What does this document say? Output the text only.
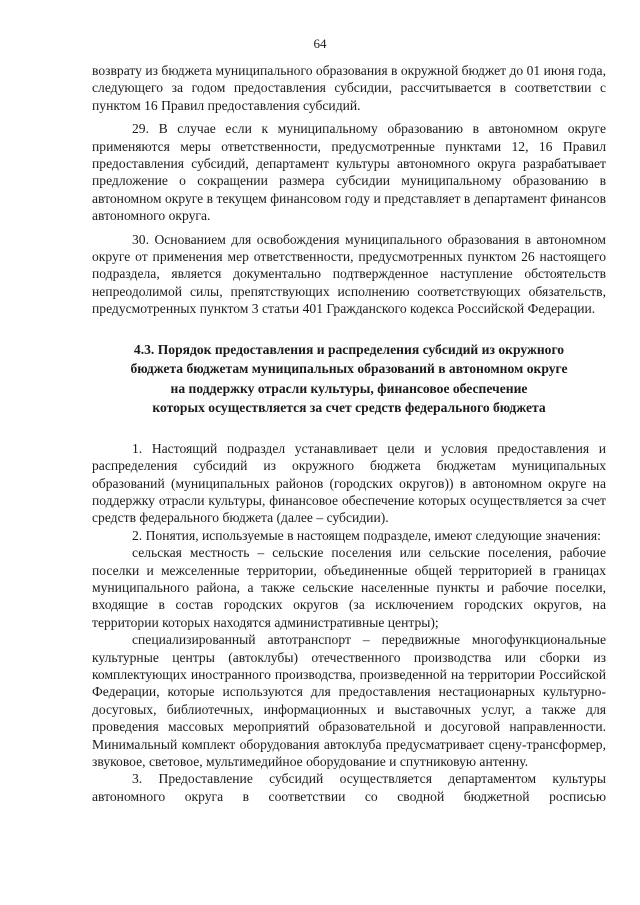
64

возврату из бюджета муниципального образования в окружной бюджет до 01 июня года, следующего за годом предоставления субсидии, рассчитывается в соответствии с пунктом 16 Правил предоставления субсидий.

29. В случае если к муниципальному образованию в автономном округе применяются меры ответственности, предусмотренные пунктами 12, 16 Правил предоставления субсидий, департамент культуры автономного округа разрабатывает предложение о сокращении размера субсидии муниципальному образованию в автономном округе в текущем финансовом году и представляет в департамент финансов автономного округа.

30. Основанием для освобождения муниципального образования в автономном округе от применения мер ответственности, предусмотренных пунктом 26 настоящего подраздела, является документально подтвержденное наступление обстоятельств непреодолимой силы, препятствующих исполнению соответствующих обязательств, предусмотренных пунктом 3 статьи 401 Гражданского кодекса Российской Федерации.

4.3. Порядок предоставления и распределения субсидий из окружного
бюджета бюджетам муниципальных образований в автономном округе
на поддержку отрасли культуры, финансовое обеспечение
которых осуществляется за счет средств федерального бюджета

1. Настоящий подраздел устанавливает цели и условия предоставления и распределения субсидий из окружного бюджета бюджетам муниципальных образований (муниципальных районов (городских округов)) в автономном округе на поддержку отрасли культуры, финансовое обеспечение которых осуществляется за счет средств федерального бюджета (далее – субсидии).

2. Понятия, используемые в настоящем подразделе, имеют следующие значения:

сельская местность – сельские поселения или сельские поселения, рабочие поселки и межселенные территории, объединенные общей территорией в границах муниципального района, а также сельские населенные пункты и рабочие поселки, входящие в состав городских округов (за исключением городских округов, на территории которых находятся административные центры);

специализированный автотранспорт – передвижные многофункциональные культурные центры (автоклубы) отечественного производства или сборки из комплектующих иностранного производства, произведенной на территории Российской Федерации, которые используются для предоставления нестационарных культурно-досуговых, библиотечных, информационных и выставочных услуг, а также для проведения массовых мероприятий образовательной и досуговой направленности. Минимальный комплект оборудования автоклуба предусматривает сцену-трансформер, звуковое, световое, мультимедийное оборудование и спутниковую антенну.

3. Предоставление субсидий осуществляется департаментом культуры автономного округа в соответствии со сводной бюджетной росписью
